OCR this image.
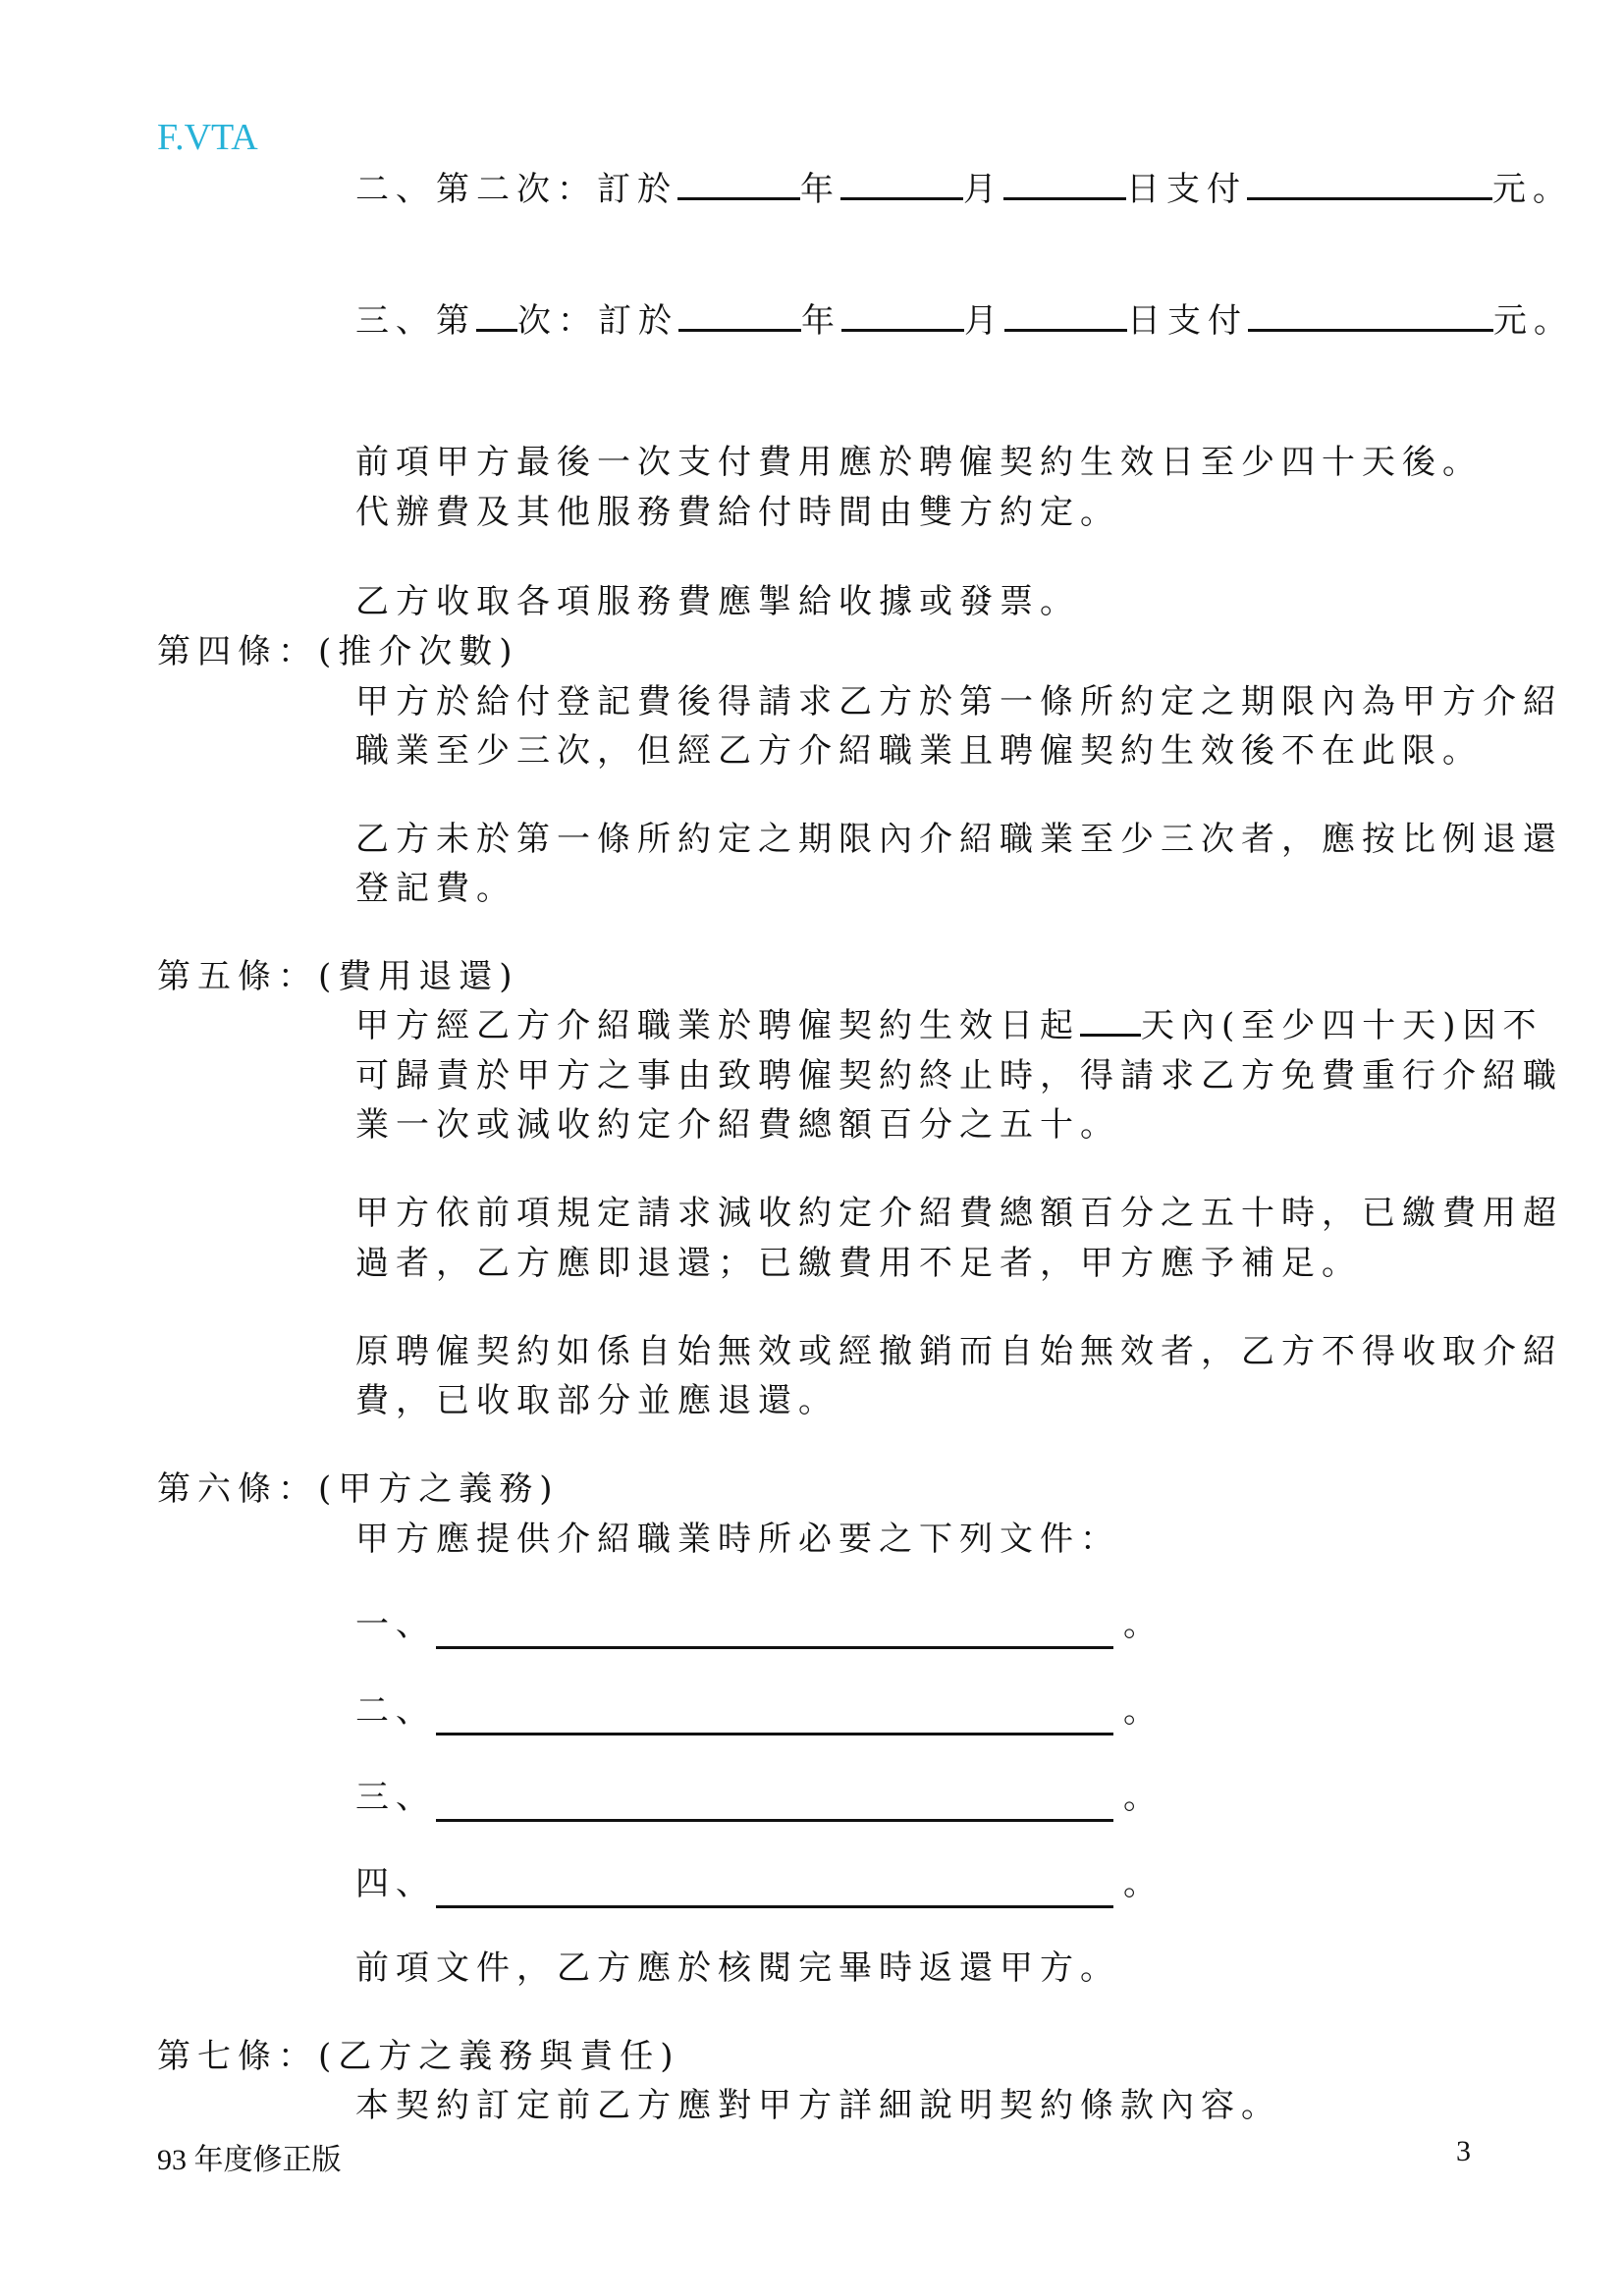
F.VTA
二、第二次：訂於	年	月	日支付	元。
三、第 次：訂於	年	月	日支付	元。
前項甲方最後一次支付費用應於聘僱契約生效日至少四十天後。
代辦費及其他服務費給付時間由雙方約定。
乙方收取各項服務費應掣給收據或發票。
第四條：(推介次數)
甲方於給付登記費後得請求乙方於第一條所約定之期限內為甲方介紹
職業至少三次，但經乙方介紹職業且聘僱契約生效後不在此限。
乙方未於第一條所約定之期限內介紹職業至少三次者，應按比例退還
登記費。
第五條：(費用退還)
甲方經乙方介紹職業於聘僱契約生效日起 天內(至少四十天)因不
可歸責於甲方之事由致聘僱契約終止時，得請求乙方免費重行介紹職
業一次或減收約定介紹費總額百分之五十。
甲方依前項規定請求減收約定介紹費總額百分之五十時，已繳費用超
過者，乙方應即退還；已繳費用不足者，甲方應予補足。
原聘僱契約如係自始無效或經撤銷而自始無效者，乙方不得收取介紹
費，已收取部分並應退還。
第六條：(甲方之義務)
甲方應提供介紹職業時所必要之下列文件：
一、	。
二、	。
三、	。
四、	。
前項文件，乙方應於核閱完畢時返還甲方。
第七條：(乙方之義務與責任)
本契約訂定前乙方應對甲方詳細說明契約條款內容。
93 年度修正版	3
